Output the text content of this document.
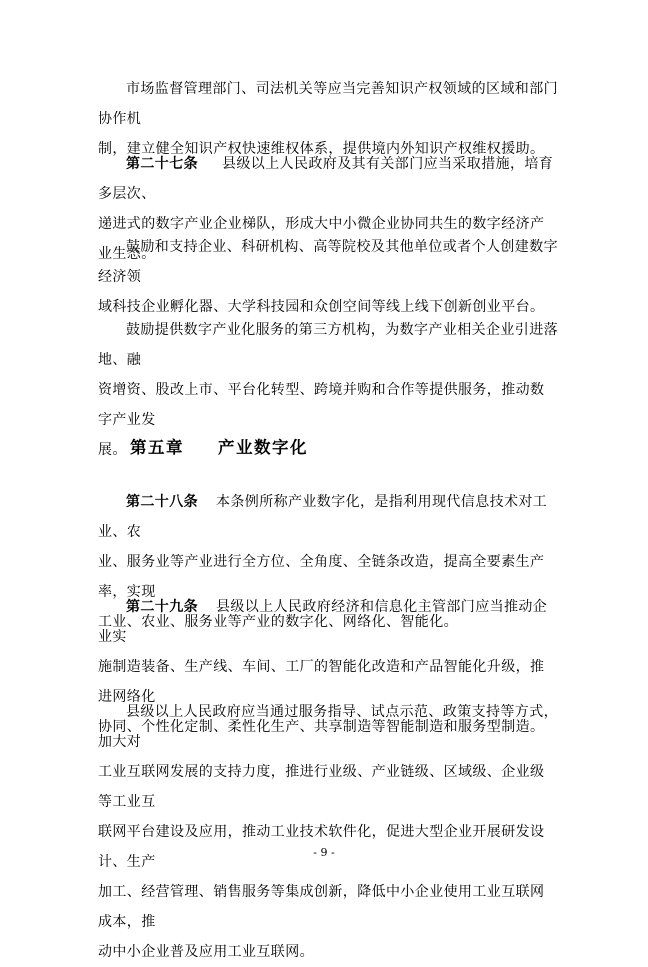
市场监督管理部门、司法机关等应当完善知识产权领域的区域和部门协作机
制，建立健全知识产权快速维权体系，提供境内外知识产权维权援助。
第二十七条 县级以上人民政府及其有关部门应当采取措施，培育多层次、
递进式的数字产业企业梯队，形成大中小微企业协同共生的数字经济产业生态。
鼓励和支持企业、科研机构、高等院校及其他单位或者个人创建数字经济领
域科技企业孵化器、大学科技园和众创空间等线上线下创新创业平台。
鼓励提供数字产业化服务的第三方机构，为数字产业相关企业引进落地、融
资增资、股改上市、平台化转型、跨境并购和合作等提供服务，推动数字产业发
展。 第五章 产业数字化
第二十八条 本条例所称产业数字化，是指利用现代信息技术对工业、农
业、服务业等产业进行全方位、全角度、全链条改造，提高全要素生产率，实现
工业、农业、服务业等产业的数字化、网络化、智能化。
第二十九条 县级以上人民政府经济和信息化主管部门应当推动企业实
施制造装备、生产线、车间、工厂的智能化改造和产品智能化升级，推进网络化
协同、个性化定制、柔性化生产、共享制造等智能制造和服务型制造。
县级以上人民政府应当通过服务指导、试点示范、政策支持等方式，加大对
工业互联网发展的支持力度，推进行业级、产业链级、区域级、企业级等工业互
联网平台建设及应用，推动工业技术软件化，促进大型企业开展研发设计、生产
加工、经营管理、销售服务等集成创新，降低中小企业使用工业互联网成本，推
动中小企业普及应用工业互联网。
- 9 -
